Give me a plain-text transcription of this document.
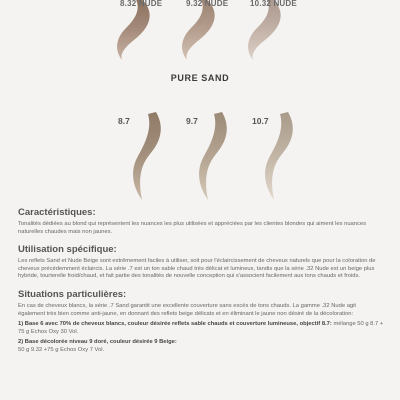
8.32 NUDE	9.32 NUDE	10.32 NUDE
PURE SAND
8.7	9.7	10.7
Caractéristiques:

Tonalités dédiées au blond qui représentent les nuances les plus utilisées et appréciées par les clientes blondes qui aiment les nuances naturelles chaudes mais non jaunes.

Utilisation spécifique:

Les reflets Sand et Nude Beige sont extrêmement faciles à utiliser, soit pour l'éclaircissement de cheveux naturels que pour la coloration de cheveux précédemment éclaircis. La série .7 est un ton sable chaud très délicat et lumineux, tandis que la série .32 Nude est un beige plus hybride, tourterelle froid/chaud, et fait partie des tonalités de nouvelle conception qui s'associent facilement aux tons chauds et froids.

Situations particulières:

En cas de cheveux blancs, la série .7 Sand garantit une excellente couverture sans excès de tons chauds. La gamme .32 Nude agit également très bien comme anti-jaune, en donnant des reflets beige délicats et en éliminant le jaune non désiré de la décoloration:

1) Base 6 avec 70% de cheveux blancs, couleur désirée reflets sable chauds et couverture lumineuse, objectif 8.7: mélange 50 g 8.7 + 75 g Echos Oxy 30 Vol.

2) Base décolorée niveau 9 doré, couleur désirée 9 Beige:
50 g 9.32 +75 g Echos Oxy 7 Vol.
